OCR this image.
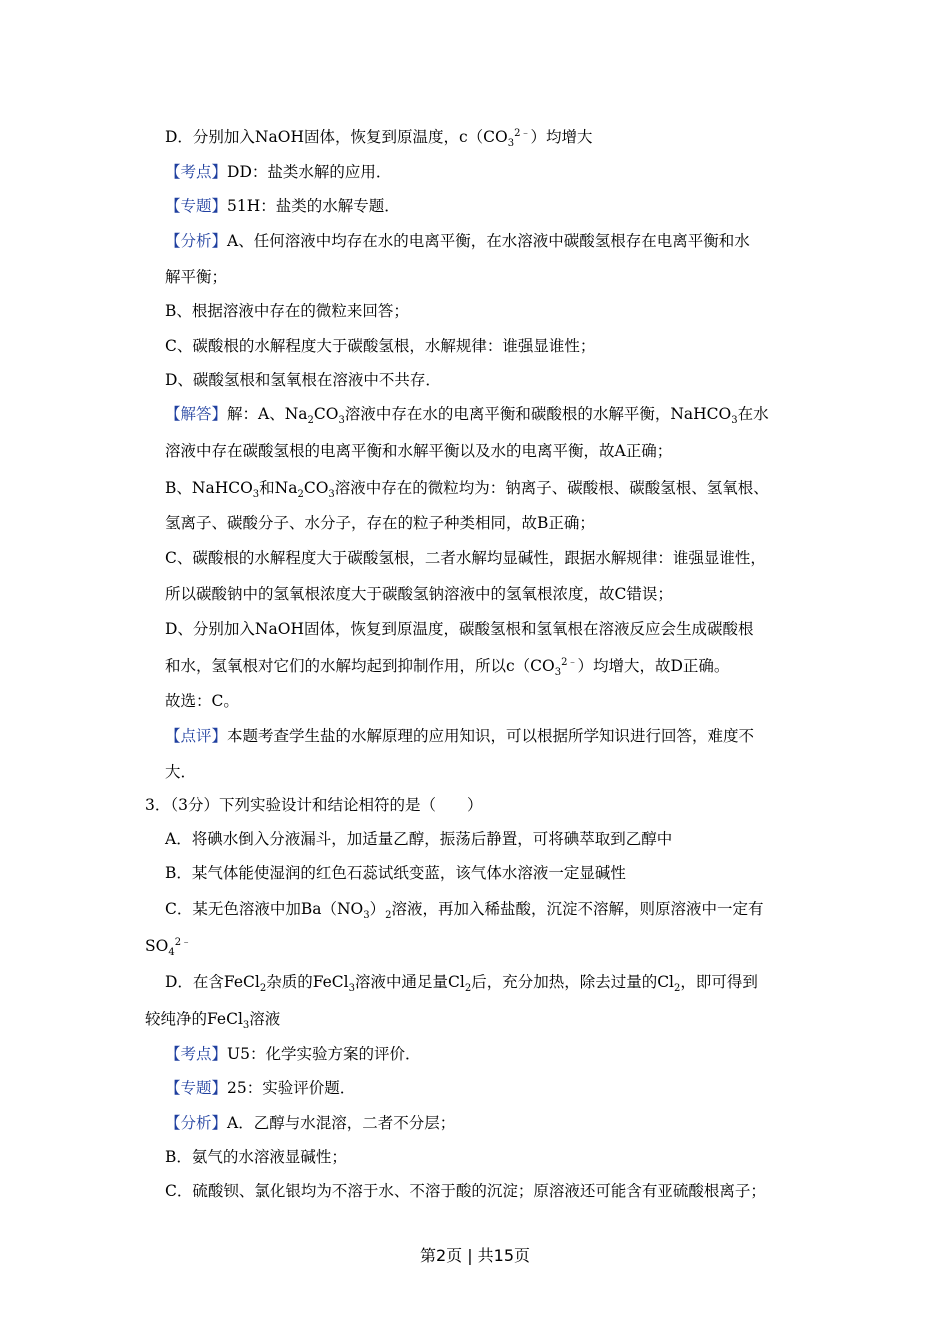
D．分别加入NaOH固体，恢复到原温度，$c(CO_3^{2﹣})$均增大
【考点】DD：盐类水解的应用．
【专题】51H：盐类的水解专题．
【分析】A、任何溶液中均存在水的电离平衡，在水溶液中碳酸氢根存在电离平衡和水
解平衡；
B、根据溶液中存在的微粒来回答；
C、碳酸根的水解程度大于碳酸氢根，水解规律：谁强显谁性；
D、碳酸氢根和氢氧根在溶液中不共存．
【解答】解：A、$Na_2CO_3$溶液中存在水的电离平衡和碳酸根的水解平衡，NaHCO$_3$在水
溶液中存在碳酸氢根的电离平衡和水解平衡以及水的电离平衡，故A正确；
B、NaHCO$_3$和$Na_2CO_3$溶液中存在的微粒均为：钠离子、碳酸根、碳酸氢根、氢氧根、
氢离子、碳酸分子、水分子，存在的粒子种类相同，故B正确；
C、碳酸根的水解程度大于碳酸氢根，二者水解均显碱性，跟据水解规律：谁强显谁性，
所以碳酸钠中的氢氧根浓度大于碳酸氢钠溶液中的氢氧根浓度，故C错误；
D、分别加入NaOH固体，恢复到原温度，碳酸氢根和氢氧根在溶液反应会生成碳酸根
和水，氢氧根对它们的水解均起到抑制作用，所以$c(CO_3^{2﹣})$均增大，故D正确。
故选：C。
【点评】本题考查学生盐的水解原理的应用知识，可以根据所学知识进行回答，难度不
大．
3．（3分）下列实验设计和结论相符的是（　　）
A．将碘水倒入分液漏斗，加适量乙醇，振荡后静置，可将碘萃取到乙醇中
B．某气体能使湿润的红色石蕊试纸变蓝，该气体水溶液一定显碱性
C．某无色溶液中加$Ba(NO_3)_2$溶液，再加入稀盐酸，沉淀不溶解，则原溶液中一定有
$SO_4^{2﹣}$
D．在含FeCl$_2$杂质的FeCl$_3$溶液中通足量$Cl_2$后，充分加热，除去过量的$Cl_2$，即可得到
较纯净的FeCl$_3$溶液
【考点】U5：化学实验方案的评价．
【专题】25：实验评价题．
【分析】A．乙醇与水混溶，二者不分层；
B．氨气的水溶液显碱性；
C．硫酸钡、氯化银均为不溶于水、不溶于酸的沉淀；原溶液还可能含有亚硫酸根离子；
第2页 | 共15页
